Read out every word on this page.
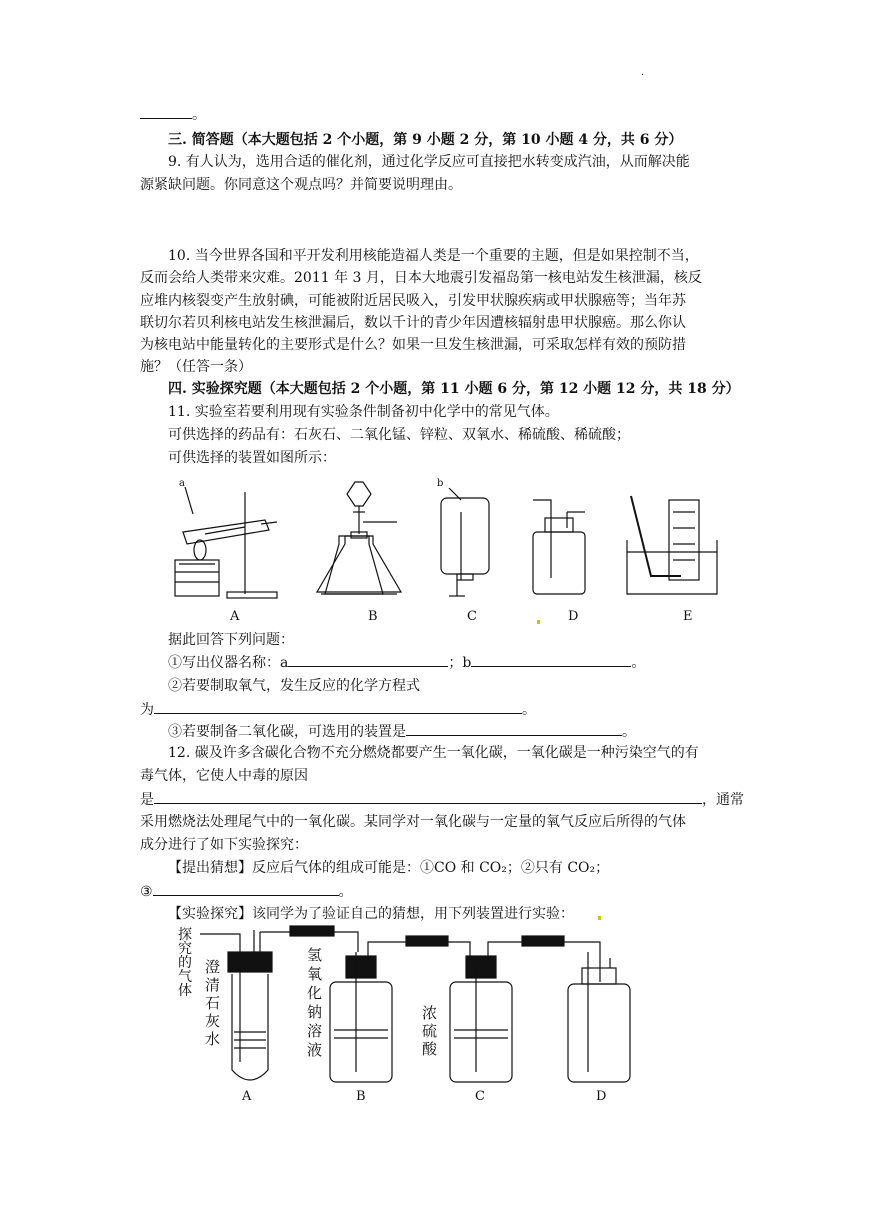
·
。
三. 简答题（本大题包括 2 个小题，第 9 小题 2 分，第 10 小题 4 分，共 6 分）
9. 有人认为，选用合适的催化剂，通过化学反应可直接把水转变成汽油，从而解决能
源紧缺问题。你同意这个观点吗？并简要说明理由。
10. 当今世界各国和平开发利用核能造福人类是一个重要的主题，但是如果控制不当，
反而会给人类带来灾难。2011 年 3 月，日本大地震引发福岛第一核电站发生核泄漏，核反
应堆内核裂变产生放射碘，可能被附近居民吸入，引发甲状腺疾病或甲状腺癌等；当年苏
联切尔若贝利核电站发生核泄漏后，数以千计的青少年因遭核辐射患甲状腺癌。那么你认
为核电站中能量转化的主要形式是什么？如果一旦发生核泄漏，可采取怎样有效的预防措
施？（任答一条）
四. 实验探究题（本大题包括 2 个小题，第 11 小题 6 分，第 12 小题 12 分，共 18 分）
11. 实验室若要利用现有实验条件制备初中化学中的常见气体。
可供选择的药品有：石灰石、二氧化锰、锌粒、双氧水、稀硫酸、稀硫酸；
可供选择的装置如图所示：
a	b
A	B	C	D	E
据此回答下列问题：
①写出仪器名称：a	；b	。
②若要制取氧气，发生反应的化学方程式
为	。
③若要制备二氧化碳，可选用的装置是	。
12. 碳及许多含碳化合物不充分燃烧都要产生一氧化碳，一氧化碳是一种污染空气的有
毒气体，它使人中毒的原因
是	，通常
采用燃烧法处理尾气中的一氧化碳。某同学对一氧化碳与一定量的氧气反应后所得的气体
成分进行了如下实验探究：
【提出猜想】反应后气体的组成可能是：①CO 和 CO₂；②只有 CO₂；
③	。
【实验探究】该同学为了验证自己的猜想，用下列装置进行实验：
探
究
的
气
体
澄
清
石
灰
水
氢
氧
化
钠
溶
液
浓
硫
酸
A	B	C	D
